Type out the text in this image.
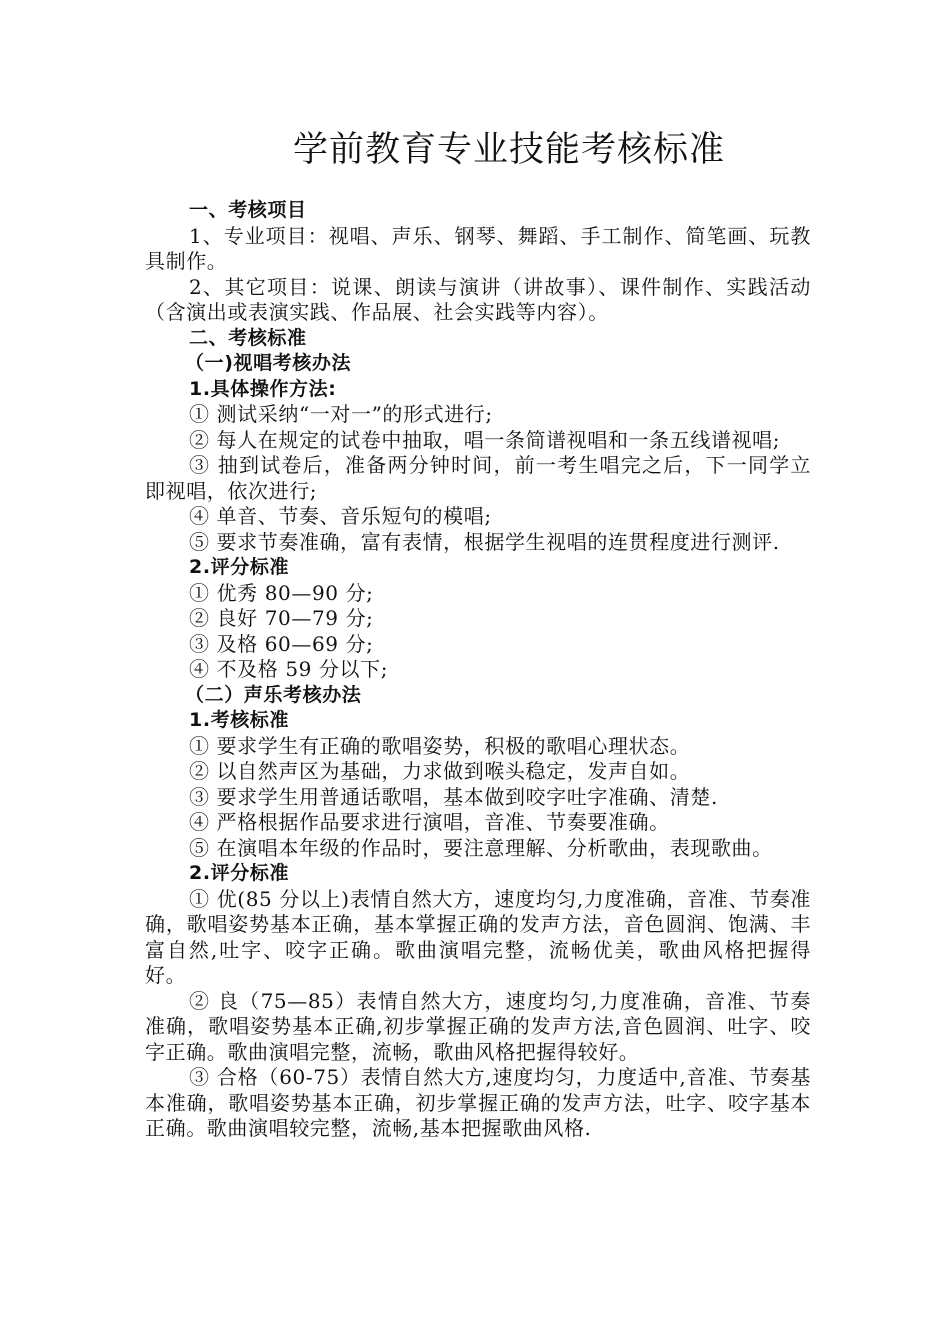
学前教育专业技能考核标准

一、考核项目

1、专业项目：视唱、声乐、钢琴、舞蹈、手工制作、简笔画、玩教具制作。

2、其它项目：说课、朗读与演讲（讲故事）、课件制作、实践活动（含演出或表演实践、作品展、社会实践等内容）。

二、考核标准

（一)视唱考核办法

1.具体操作方法:

① 测试采纳“一对一”的形式进行;

② 每人在规定的试卷中抽取，唱一条简谱视唱和一条五线谱视唱;

③ 抽到试卷后，准备两分钟时间，前一考生唱完之后，下一同学立即视唱，依次进行;

④ 单音、节奏、音乐短句的模唱;

⑤ 要求节奏准确，富有表情，根据学生视唱的连贯程度进行测评.

2.评分标准

① 优秀 80—90 分;

② 良好 70—79 分;

③ 及格 60—69 分;

④ 不及格 59 分以下;

（二）声乐考核办法

1.考核标准

① 要求学生有正确的歌唱姿势，积极的歌唱心理状态。

② 以自然声区为基础，力求做到喉头稳定，发声自如。

③ 要求学生用普通话歌唱，基本做到咬字吐字准确、清楚.

④ 严格根据作品要求进行演唱，音准、节奏要准确。

⑤ 在演唱本年级的作品时，要注意理解、分析歌曲，表现歌曲。

2.评分标准

① 优(85 分以上)表情自然大方，速度均匀,力度准确，音准、节奏准确，歌唱姿势基本正确，基本掌握正确的发声方法，音色圆润、饱满、丰富自然,吐字、咬字正确。歌曲演唱完整，流畅优美，歌曲风格把握得好。

② 良（75—85）表情自然大方，速度均匀,力度准确，音准、节奏准确，歌唱姿势基本正确,初步掌握正确的发声方法,音色圆润、吐字、咬字正确。歌曲演唱完整，流畅，歌曲风格把握得较好。

③ 合格（60-75）表情自然大方,速度均匀，力度适中,音准、节奏基本准确，歌唱姿势基本正确，初步掌握正确的发声方法，吐字、咬字基本正确。歌曲演唱较完整，流畅,基本把握歌曲风格.
